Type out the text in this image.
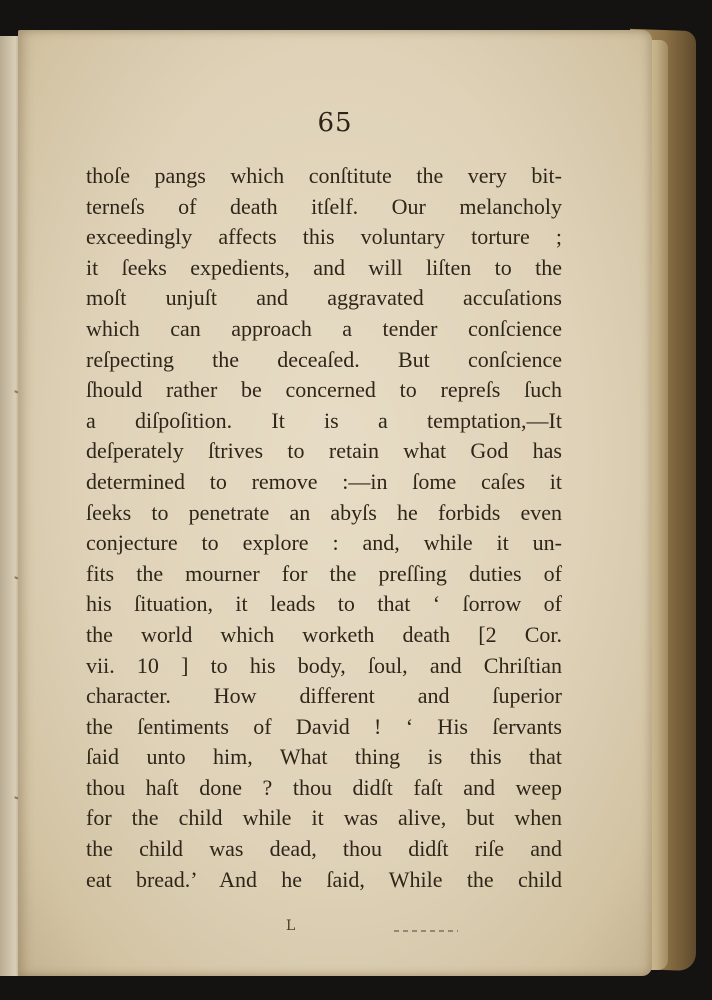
65
thoſe pangs which conſtitute the very bit-
terneſs of death itſelf. Our melancholy
exceedingly affects this voluntary torture ;
it ſeeks expedients, and will liſten to the
moſt unjuſt and aggravated accuſations
which can approach a tender conſcience
reſpecting the deceaſed. But conſcience
ſhould rather be concerned to repreſs ſuch
a diſpoſition. It is a temptation,—It
deſperately ſtrives to retain what God has
determined to remove :—in ſome caſes it
ſeeks to penetrate an abyſs he forbids even
conjecture to explore : and, while it un-
fits the mourner for the preſſing duties of
his ſituation, it leads to that ‘ ſorrow of
the world which worketh death [2 Cor.
vii. 10 ] to his body, ſoul, and Chriſtian
character. How different and ſuperior
the ſentiments of David ! ‘ His ſervants
ſaid unto him, What thing is this that
thou haſt done ? thou didſt faſt and weep
for the child while it was alive, but when
the child was dead, thou didſt riſe and
eat bread.’ And he ſaid, While the child
L
